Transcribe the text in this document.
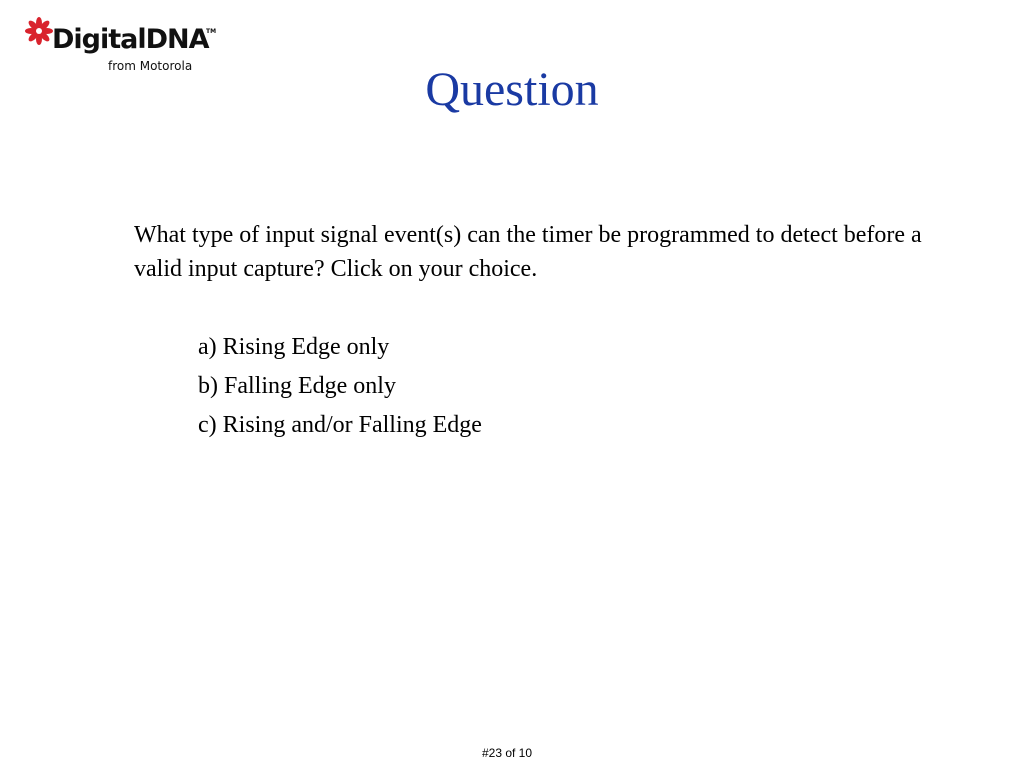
DigitalDNA
TM
from Motorola	Question
What type of input signal event(s) can the timer be programmed to detect before a valid input capture? Click on your choice.
a) Rising Edge only
b) Falling Edge only
c) Rising and/or Falling Edge
#23 of 10
